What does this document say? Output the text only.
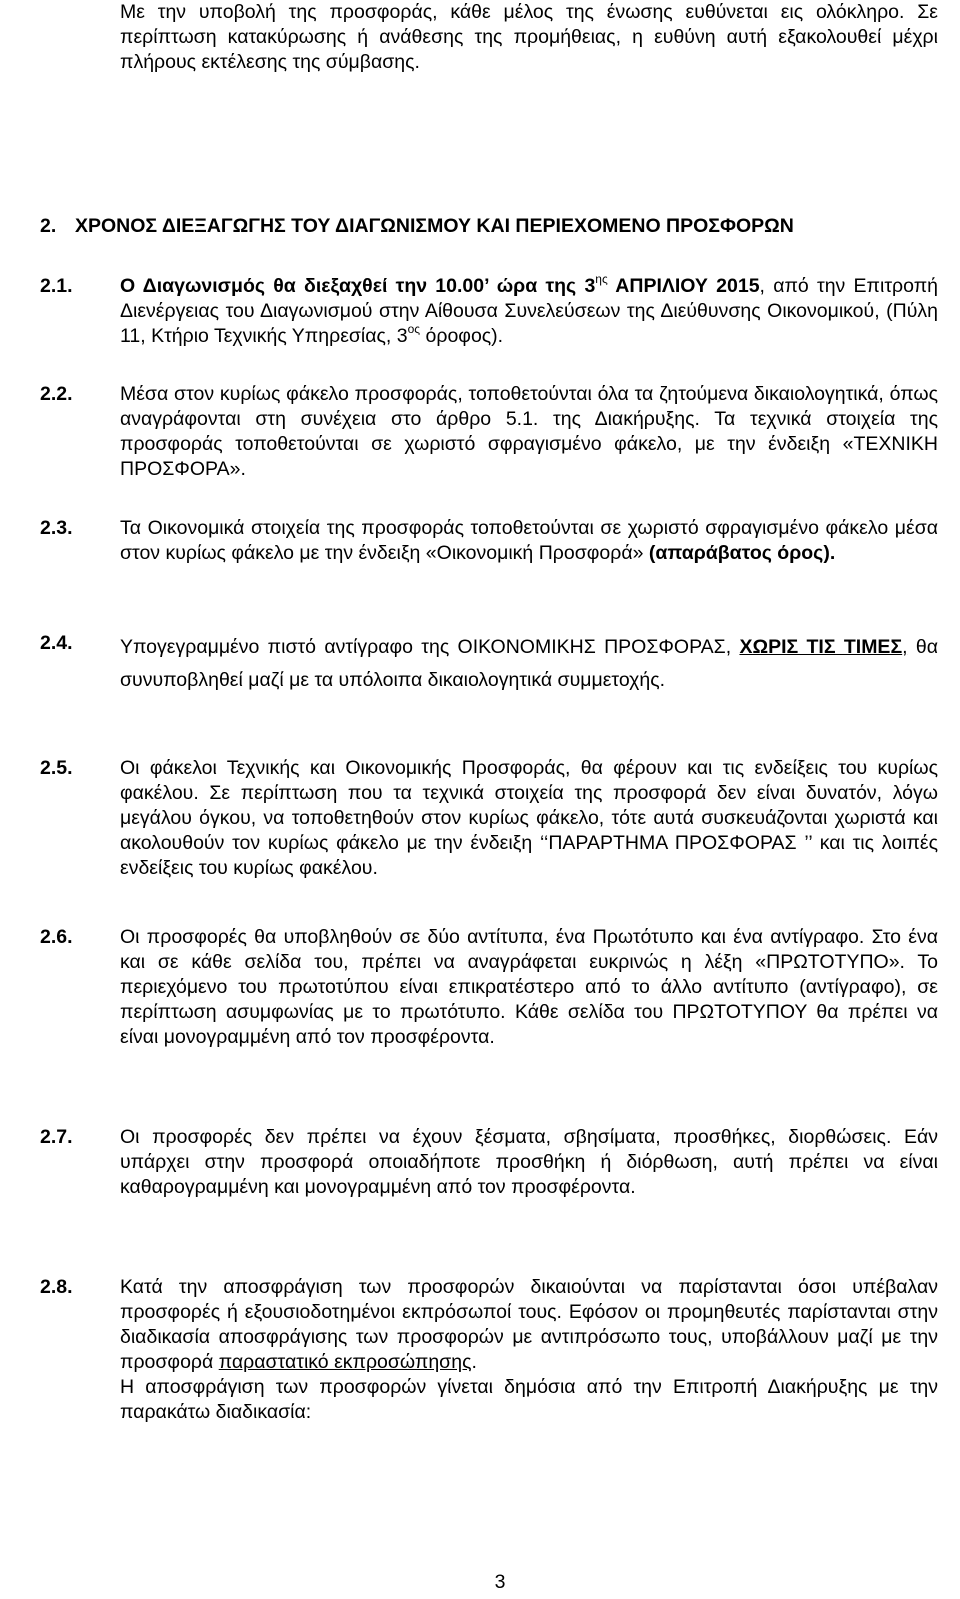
Με την υποβολή της προσφοράς, κάθε μέλος της ένωσης ευθύνεται εις ολόκληρο. Σε περίπτωση κατακύρωσης ή ανάθεσης της προμήθειας, η ευθύνη αυτή εξακολουθεί μέχρι πλήρους εκτέλεσης της σύμβασης.

2. ΧΡΟΝΟΣ ΔΙΕΞΑΓΩΓΗΣ ΤΟΥ ΔΙΑΓΩΝΙΣΜΟΥ ΚΑΙ ΠΕΡΙΕΧΟΜΕΝΟ ΠΡΟΣΦΟΡΩΝ
2.1.	Ο Διαγωνισμός θα διεξαχθεί την 10.00’ ώρα της $3^{\eta\varsigma}$ ΑΠΡΙΛΙΟΥ 2015, από την Επιτροπή Διενέργειας του Διαγωνισμού στην Αίθουσα Συνελεύσεων της Διεύθυνσης Οικονομικού, (Πύλη 11, Κτήριο Τεχνικής Υπηρεσίας, $3^{o\varsigma}$ όροφος).

2.2.	Μέσα στον κυρίως φάκελο προσφοράς, τοποθετούνται όλα τα ζητούμενα δικαιολογητικά, όπως αναγράφονται στη συνέχεια στο άρθρο 5.1. της Διακήρυξης. Τα τεχνικά στοιχεία της προσφοράς τοποθετούνται σε χωριστό σφραγισμένο φάκελο, με την ένδειξη «ΤΕΧΝΙΚΗ ΠΡΟΣΦΟΡΑ».

2.3.	Τα Οικονομικά στοιχεία της προσφοράς τοποθετούνται σε χωριστό σφραγισμένο φάκελο μέσα στον κυρίως φάκελο με την ένδειξη «Οικονομική Προσφορά» (απαράβατος όρος).

2.4.	Υπογεγραμμένο πιστό αντίγραφο της ΟΙΚΟΝΟΜΙΚΗΣ ΠΡΟΣΦΟΡΑΣ, ΧΩΡΙΣ ΤΙΣ ΤΙΜΕΣ, θα συνυποβληθεί μαζί με τα υπόλοιπα δικαιολογητικά συμμετοχής.

2.5.	Οι φάκελοι Τεχνικής και Οικονομικής Προσφοράς, θα φέρουν και τις ενδείξεις του κυρίως φακέλου. Σε περίπτωση που τα τεχνικά στοιχεία της προσφορά δεν είναι δυνατόν, λόγω μεγάλου όγκου, να τοποθετηθούν στον κυρίως φάκελο, τότε αυτά συσκευάζονται χωριστά και ακολουθούν τον κυρίως φάκελο με την ένδειξη ‘‘ΠΑΡΑΡΤΗΜΑ ΠΡΟΣΦΟΡΑΣ ’’ και τις λοιπές ενδείξεις του κυρίως φακέλου.

2.6.	Οι προσφορές θα υποβληθούν σε δύο αντίτυπα, ένα Πρωτότυπο και ένα αντίγραφο. Στο ένα και σε κάθε σελίδα του, πρέπει να αναγράφεται ευκρινώς η λέξη «ΠΡΩΤΟΤΥΠΟ». Το περιεχόμενο του πρωτοτύπου είναι επικρατέστερο από το άλλο αντίτυπο (αντίγραφο), σε περίπτωση ασυμφωνίας με το πρωτότυπο. Κάθε σελίδα του ΠΡΩΤΟΤΥΠΟΥ θα πρέπει να είναι μονογραμμένη από τον προσφέροντα.

2.7.	Οι προσφορές δεν πρέπει να έχουν ξέσματα, σβησίματα, προσθήκες, διορθώσεις. Εάν υπάρχει στην προσφορά οποιαδήποτε προσθήκη ή διόρθωση, αυτή πρέπει να είναι καθαρογραμμένη και μονογραμμένη από τον προσφέροντα.

2.8.	Κατά την αποσφράγιση των προσφορών δικαιούνται να παρίστανται όσοι υπέβαλαν προσφορές ή εξουσιοδοτημένοι εκπρόσωποί τους. Εφόσον οι προμηθευτές παρίστανται στην διαδικασία αποσφράγισης των προσφορών με αντιπρόσωπο τους, υποβάλλουν μαζί με την προσφορά παραστατικό εκπροσώπησης.

Η αποσφράγιση των προσφορών γίνεται δημόσια από την Επιτροπή Διακήρυξης με την παρακάτω διαδικασία:

3
